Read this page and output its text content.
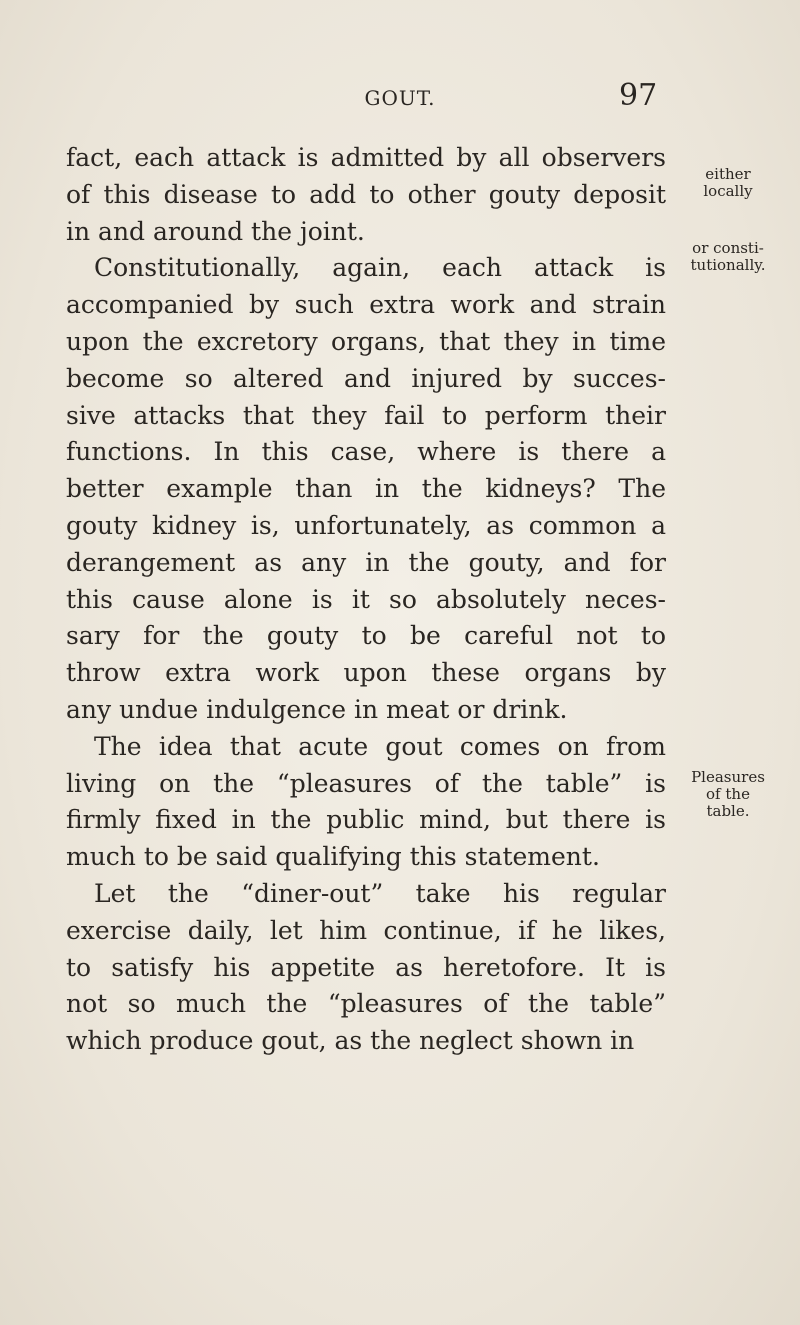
GOUT.	97
fact, each attack is admitted by all observers
of this disease to add to other gouty deposit
in and around the joint.
Constitutionally, again, each attack is
accompanied by such extra work and strain
upon the excretory organs, that they in time
become so altered and injured by succes-
sive attacks that they fail to perform their
functions. In this case, where is there a
better example than in the kidneys? The
gouty kidney is, unfortunately, as common a
derangement as any in the gouty, and for
this cause alone is it so absolutely neces-
sary for the gouty to be careful not to
throw extra work upon these organs by
any undue indulgence in meat or drink.
The idea that acute gout comes on from
living on the “pleasures of the table” is
firmly fixed in the public mind, but there is
much to be said qualifying this statement.
Let the “diner-out” take his regular
exercise daily, let him continue, if he likes,
to satisfy his appetite as heretofore. It is
not so much the “pleasures of the table”
which produce gout, as the neglect shown in
either
locally
or consti-
tutionally.
Pleasures
of the
table.
